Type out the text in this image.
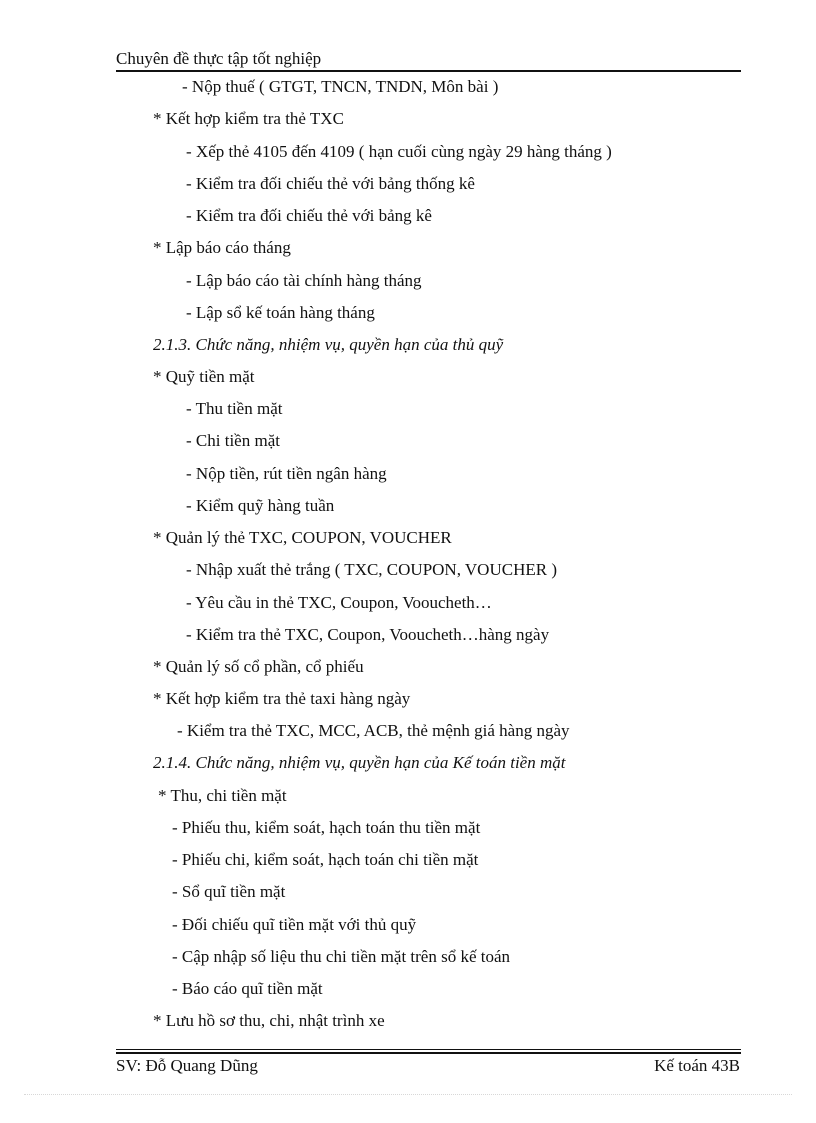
Chuyên đề thực tập tốt nghiệp
- Nộp thuế ( GTGT, TNCN, TNDN, Môn bài )
* Kết hợp kiểm tra thẻ TXC
- Xếp thẻ 4105 đến 4109 ( hạn cuối cùng ngày 29 hàng tháng )
- Kiểm tra đối chiếu thẻ với bảng thống kê
- Kiểm tra đối chiếu thẻ với bảng kê
* Lập báo cáo tháng
- Lập báo cáo tài chính hàng tháng
- Lập sổ kế toán hàng tháng
2.1.3. Chức năng, nhiệm vụ, quyền hạn của thủ quỹ
* Quỹ tiền mặt
- Thu tiền mặt
- Chi tiền mặt
- Nộp tiền, rút tiền ngân hàng
- Kiểm quỹ hàng tuần
* Quản lý thẻ TXC, COUPON, VOUCHER
- Nhập xuất thẻ trắng ( TXC, COUPON, VOUCHER )
- Yêu cầu in thẻ TXC, Coupon, Vooucheth…
- Kiểm tra thẻ TXC, Coupon, Vooucheth…hàng ngày
* Quản lý số cổ phần, cổ phiếu
* Kết hợp kiểm tra thẻ taxi hàng ngày
- Kiểm tra thẻ TXC, MCC, ACB, thẻ mệnh giá hàng ngày
2.1.4. Chức năng, nhiệm vụ, quyền hạn của Kế toán tiền mặt
* Thu, chi tiền mặt
- Phiếu thu, kiểm soát, hạch toán thu tiền mặt
- Phiếu chi, kiểm soát, hạch toán chi tiền mặt
- Sổ quĩ tiền mặt
- Đối chiếu quĩ tiền mặt với thủ quỹ
- Cập nhập số liệu thu chi tiền mặt trên sổ kế toán
- Báo cáo quĩ tiền mặt
* Lưu hồ sơ thu, chi, nhật trình xe
SV: Đỗ Quang Dũng	Kế toán 43B
